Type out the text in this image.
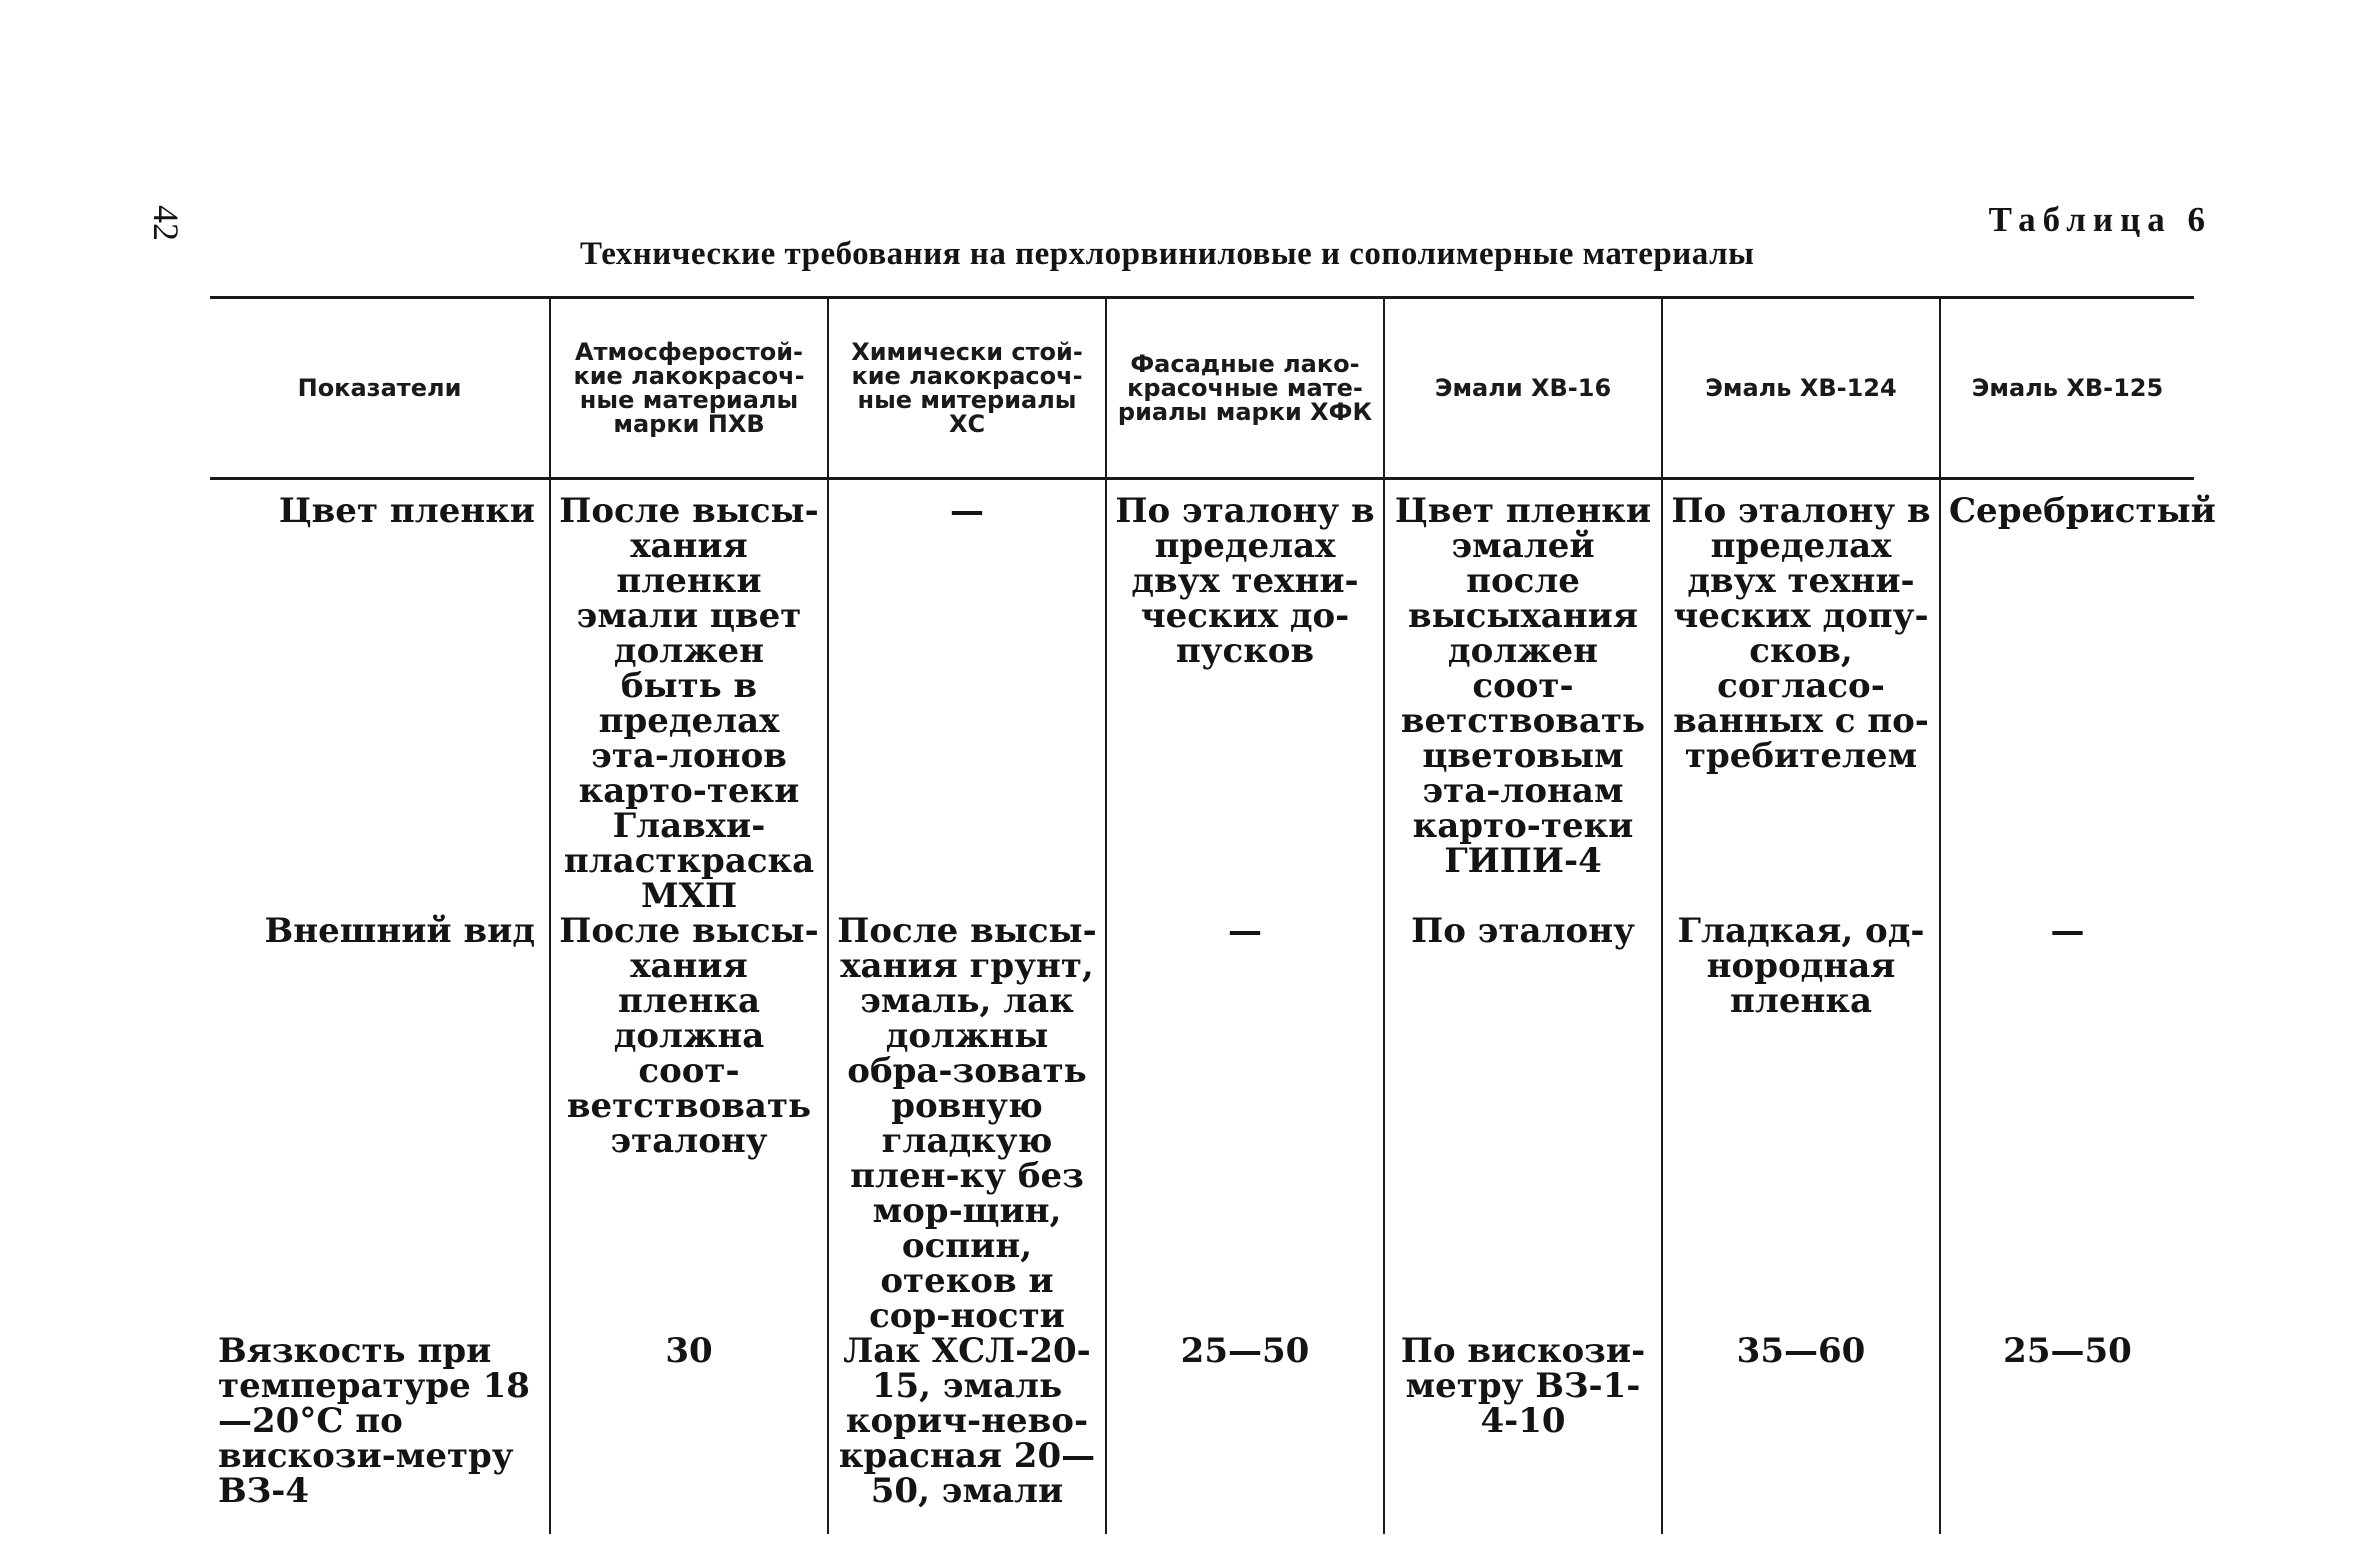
42	Таблица 6
Технические требования на перхлорвиниловые и сополимерные материалы
Показатели	Атмосферостой-кие лакокрасоч-ные материалы марки ПХВ	Химически стой-кие лакокрасоч-ные митериалы ХС	Фасадные лако-красочные мате-риалы марки ХФК	Эмали ХВ-16	Эмаль ХВ-124	Эмаль ХВ-125
Цвет пленки	После высы-хания пленки эмали цвет должен быть в пределах эта-лонов карто-теки Главхи-пласткраска МХП	—	По эталону в пределах двух техни-ческих до-пусков	Цвет пленки эмалей после высыхания должен соот-ветствовать цветовым эта-лонам карто-теки ГИПИ-4	По эталону в пределах двух техни-ческих допу-сков, согласо-ванных с по-требителем	Серебристый
Внешний вид	После высы-хания пленка должна соот-ветствовать эталону	После высы-хания грунт, эмаль, лак должны обра-зовать ровную гладкую плен-ку без мор-щин, оспин, отеков и сор-ности	—	По эталону	Гладкая, од-нородная пленка	—
Вязкость при температуре 18—20°С по вискози-метру ВЗ-4	30	Лак ХСЛ-20-15, эмаль корич-нево-красная 20—50, эмали	25—50	По вискози-метру ВЗ-1-4-10	35—60	25—50
